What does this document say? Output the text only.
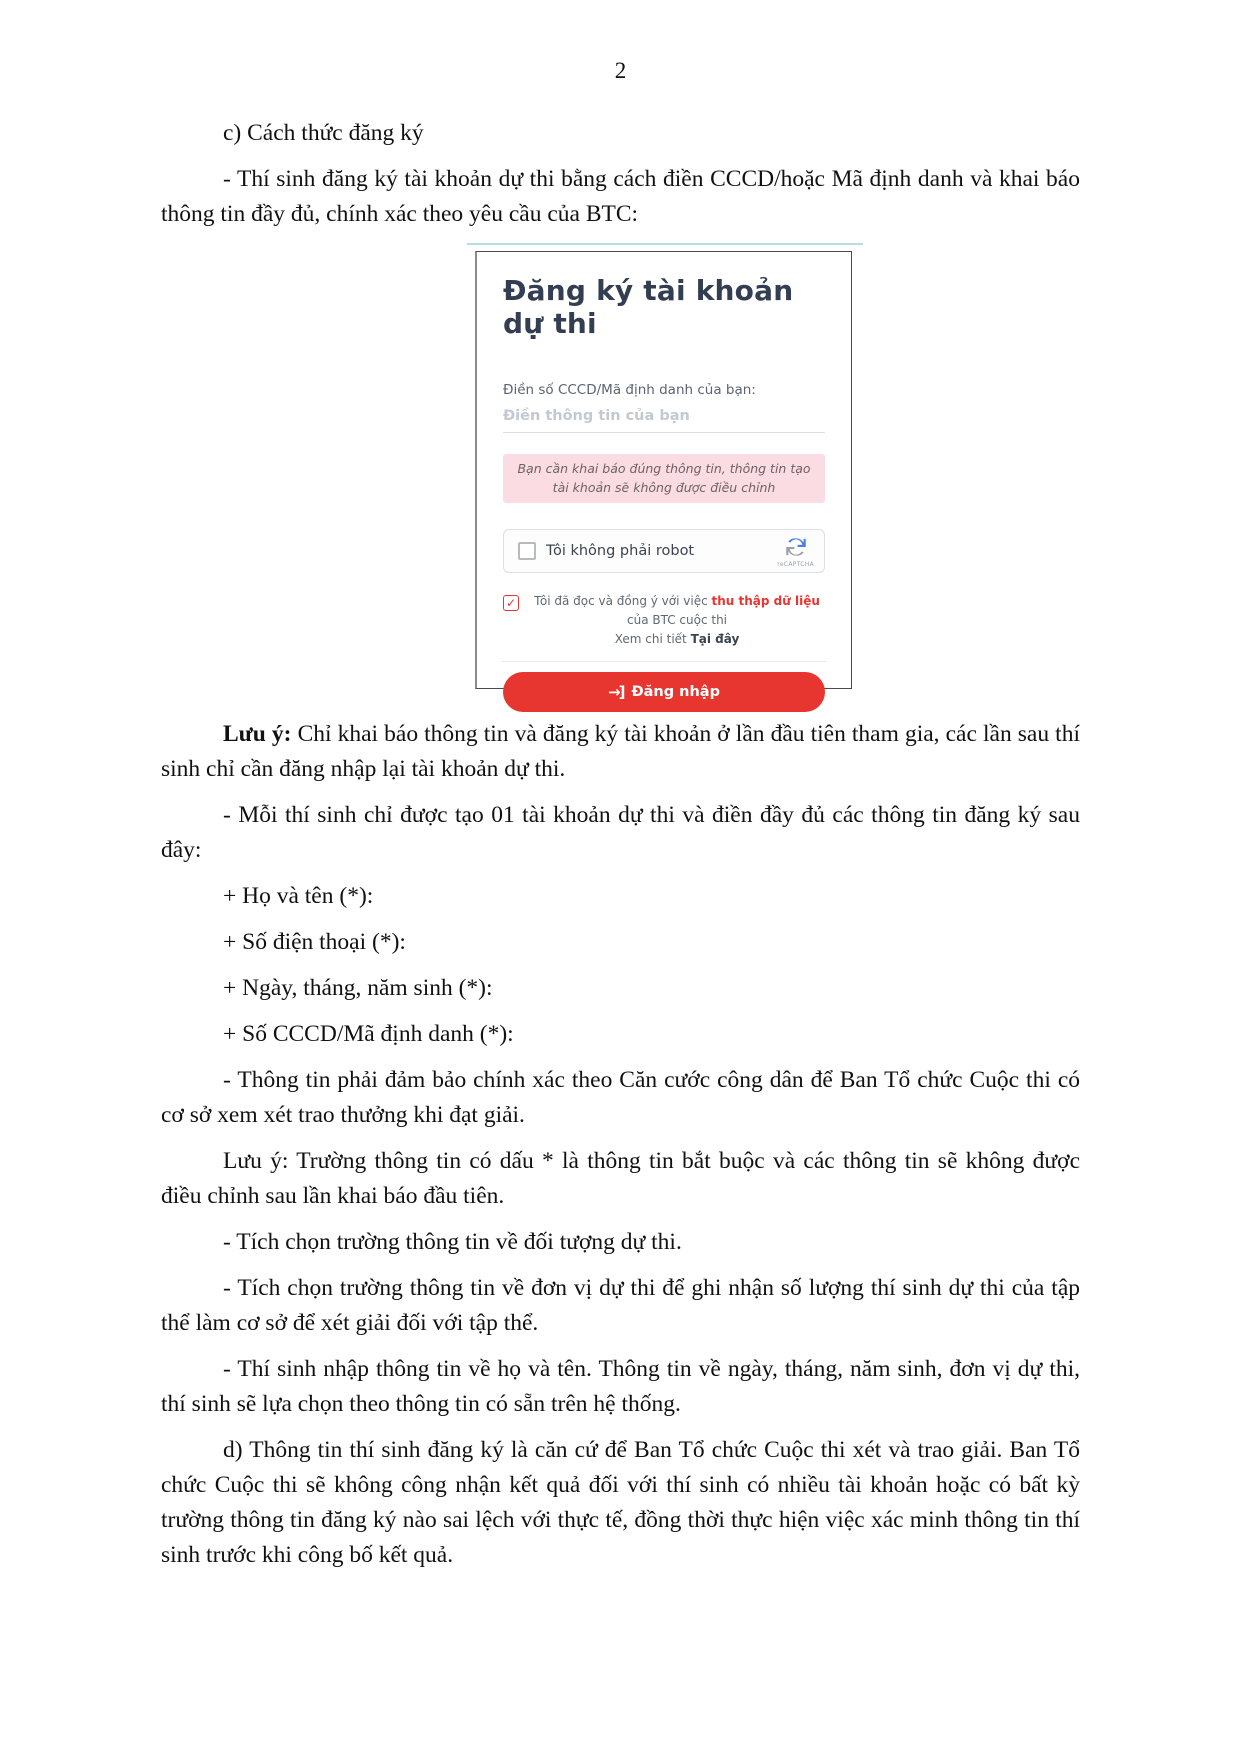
2

c) Cách thức đăng ký

- Thí sinh đăng ký tài khoản dự thi bằng cách điền CCCD/hoặc Mã định danh và khai báo thông tin đầy đủ, chính xác theo yêu cầu của BTC:

Đăng ký tài khoản dự thi
Điền số CCCD/Mã định danh của bạn:
Điền thông tin của bạn
Bạn cần khai báo đúng thông tin, thông tin tạo tài khoản sẽ không được điều chỉnh
Tôi không phải robot
reCAPTCHA
✓	Tôi đã đọc và đồng ý với việc thu thập dữ liệu của BTC cuộc thi
Xem chi tiết Tại đây
→] Đăng nhập

Lưu ý: Chỉ khai báo thông tin và đăng ký tài khoản ở lần đầu tiên tham gia, các lần sau thí sinh chỉ cần đăng nhập lại tài khoản dự thi.

- Mỗi thí sinh chỉ được tạo 01 tài khoản dự thi và điền đầy đủ các thông tin đăng ký sau đây:

+ Họ và tên (*):

+ Số điện thoại (*):

+ Ngày, tháng, năm sinh (*):

+ Số CCCD/Mã định danh (*):

- Thông tin phải đảm bảo chính xác theo Căn cước công dân để Ban Tổ chức Cuộc thi có cơ sở xem xét trao thưởng khi đạt giải.

Lưu ý: Trường thông tin có dấu * là thông tin bắt buộc và các thông tin sẽ không được điều chỉnh sau lần khai báo đầu tiên.

- Tích chọn trường thông tin về đối tượng dự thi.

- Tích chọn trường thông tin về đơn vị dự thi để ghi nhận số lượng thí sinh dự thi của tập thể làm cơ sở để xét giải đối với tập thể.

- Thí sinh nhập thông tin về họ và tên. Thông tin về ngày, tháng, năm sinh, đơn vị dự thi, thí sinh sẽ lựa chọn theo thông tin có sẵn trên hệ thống.

d) Thông tin thí sinh đăng ký là căn cứ để Ban Tổ chức Cuộc thi xét và trao giải. Ban Tổ chức Cuộc thi sẽ không công nhận kết quả đối với thí sinh có nhiều tài khoản hoặc có bất kỳ trường thông tin đăng ký nào sai lệch với thực tế, đồng thời thực hiện việc xác minh thông tin thí sinh trước khi công bố kết quả.
